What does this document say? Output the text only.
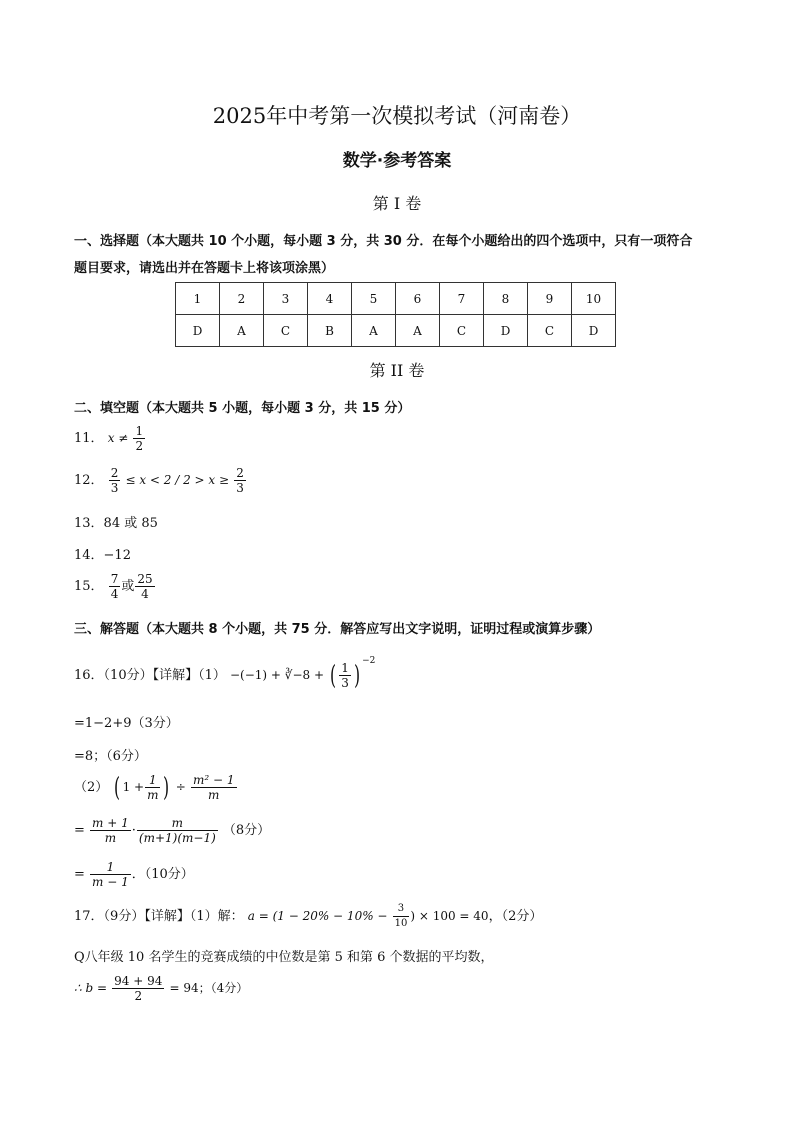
2025年中考第一次模拟考试（河南卷）
数学·参考答案
第 I 卷
一、选择题（本大题共 10 个小题，每小题 3 分，共 30 分．在每个小题给出的四个选项中，只有一项符合
题目要求，请选出并在答题卡上将该项涂黑）
1	2	3	4	5	6	7	8	9	10
D	A	C	B	A	A	C	D	C	D
第 II 卷
二、填空题（本大题共 5 小题，每小题 3 分，共 15 分）
11． $x \ne \frac{1}{2}$
12． $\frac{2}{3} \le x < 2 / 2 > x \ge \frac{2}{3}$
13．84 或 85
14．−12
15． $\frac{7}{4}$ 或 $\frac{25}{4}$
三、解答题（本大题共 8 个小题，共 75 分．解答应写出文字说明，证明过程或演算步骤）
16．（10分）【详解】（1） −(−1) + ∛−8 + ( $\frac{1}{3}$ ) $^{-2}$
=1−2+9（3分）
=8；（6分）
（2） ( $1 + \frac{1}{m}$ ) ÷ $\frac{\text{m² − 1}}{m}$
= $\frac{m + 1}{m} \cdot \frac{m}{(m+1)(m-1)} (8$分）
= $\frac{1}{m - 1}$ ．（10分）
17．（9分）【详解】（1）解： $a = (1 - 20\% - 10\% - \frac{3}{10}$ ) × 100 = 40，（2分）
Q八年级 10 名学生的竞赛成绩的中位数是第 5 和第 6 个数据的平均数，
∴ $b = \frac{94 + 94}{2} = 94$；（4分）
